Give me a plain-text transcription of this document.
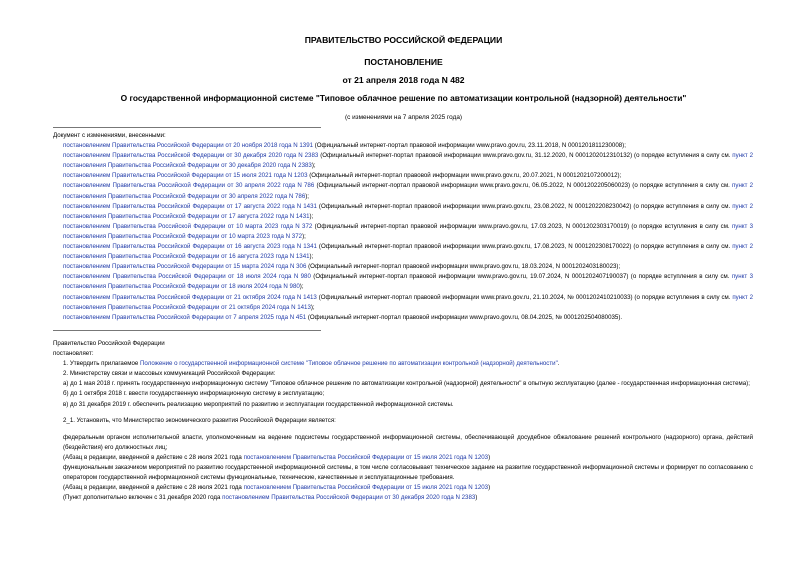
ПРАВИТЕЛЬСТВО РОССИЙСКОЙ ФЕДЕРАЦИИ
ПОСТАНОВЛЕНИЕ
от 21 апреля 2018 года N 482
О государственной информационной системе "Типовое облачное решение по автоматизации контрольной (надзорной) деятельности"
(с изменениями на 7 апреля 2025 года)

Документ с изменениями, внесенными:

постановлением Правительства Российской Федерации от 20 ноября 2018 года N 1391 (Официальный интернет-портал правовой информации www.pravo.gov.ru, 23.11.2018, N 0001201811230008);

постановлением Правительства Российской Федерации от 30 декабря 2020 года N 2383 (Официальный интернет-портал правовой информации www.pravo.gov.ru, 31.12.2020, N 0001202012310132) (о порядке вступления в силу см. пункт 2 постановления Правительства Российской Федерации от 30 декабря 2020 года N 2383);

постановлением Правительства Российской Федерации от 15 июля 2021 года N 1203 (Официальный интернет-портал правовой информации www.pravo.gov.ru, 20.07.2021, N 0001202107200012);

постановлением Правительства Российской Федерации от 30 апреля 2022 года N 786 (Официальный интернет-портал правовой информации www.pravo.gov.ru, 06.05.2022, N 0001202205060023) (о порядке вступления в силу см. пункт 2 постановления Правительства Российской Федерации от 30 апреля 2022 года N 786);

постановлением Правительства Российской Федерации от 17 августа 2022 года N 1431 (Официальный интернет-портал правовой информации www.pravo.gov.ru, 23.08.2022, N 0001202208230042) (о порядке вступления в силу см. пункт 2 постановления Правительства Российской Федерации от 17 августа 2022 года N 1431);

постановлением Правительства Российской Федерации от 10 марта 2023 года N 372 (Официальный интернет-портал правовой информации www.pravo.gov.ru, 17.03.2023, N 0001202303170019) (о порядке вступления в силу см. пункт 3 постановления Правительства Российской Федерации от 10 марта 2023 года N 372);

постановлением Правительства Российской Федерации от 16 августа 2023 года N 1341 (Официальный интернет-портал правовой информации www.pravo.gov.ru, 17.08.2023, N 0001202308170022) (о порядке вступления в силу см. пункт 2 постановления Правительства Российской Федерации от 16 августа 2023 года N 1341);

постановлением Правительства Российской Федерации от 15 марта 2024 года N 306 (Официальный интернет-портал правовой информации www.pravo.gov.ru, 18.03.2024, N 0001202403180023);

постановлением Правительства Российской Федерации от 18 июля 2024 года N 980 (Официальный интернет-портал правовой информации www.pravo.gov.ru, 19.07.2024, N 0001202407190037) (о порядке вступления в силу см. пункт 3 постановления Правительства Российской Федерации от 18 июля 2024 года N 980);

постановлением Правительства Российской Федерации от 21 октября 2024 года N 1413 (Официальный интернет-портал правовой информации www.pravo.gov.ru, 21.10.2024, № 0001202410210033) (о порядке вступления в силу см. пункт 2 постановления Правительства Российской Федерации от 21 октября 2024 года N 1413);

постановлением Правительства Российской Федерации от 7 апреля 2025 года N 451 (Официальный интернет-портал правовой информации www.pravo.gov.ru, 08.04.2025, № 0001202504080035).

Правительство Российской Федерации

постановляет:

1. Утвердить прилагаемое Положение о государственной информационной системе "Типовое облачное решение по автоматизации контрольной (надзорной) деятельности".

2. Министерству связи и массовых коммуникаций Российской Федерации:

а) до 1 мая 2018 г. принять государственную информационную систему "Типовое облачное решение по автоматизации контрольной (надзорной) деятельности" в опытную эксплуатацию (далее - государственная информационная система);

б) до 1 октября 2018 г. ввести государственную информационную систему в эксплуатацию;

в) до 31 декабря 2019 г. обеспечить реализацию мероприятий по развитию и эксплуатации государственной информационной системы.

2_1. Установить, что Министерство экономического развития Российской Федерации является:

федеральным органом исполнительной власти, уполномоченным на ведение подсистемы государственной информационной системы, обеспечивающей досудебное обжалование решений контрольного (надзорного) органа, действий (бездействия) его должностных лиц;

(Абзац в редакции, введенной в действие с 28 июля 2021 года постановлением Правительства Российской Федерации от 15 июля 2021 года N 1203)

функциональным заказчиком мероприятий по развитию государственной информационной системы, в том числе согласовывает техническое задание на развитие государственной информационной системы и формирует по согласованию с оператором государственной информационной системы функциональные, технические, качественные и эксплуатационные требования.

(Абзац в редакции, введенной в действие с 28 июля 2021 года постановлением Правительства Российской Федерации от 15 июля 2021 года N 1203)

(Пункт дополнительно включен с 31 декабря 2020 года постановлением Правительства Российской Федерации от 30 декабря 2020 года N 2383)
